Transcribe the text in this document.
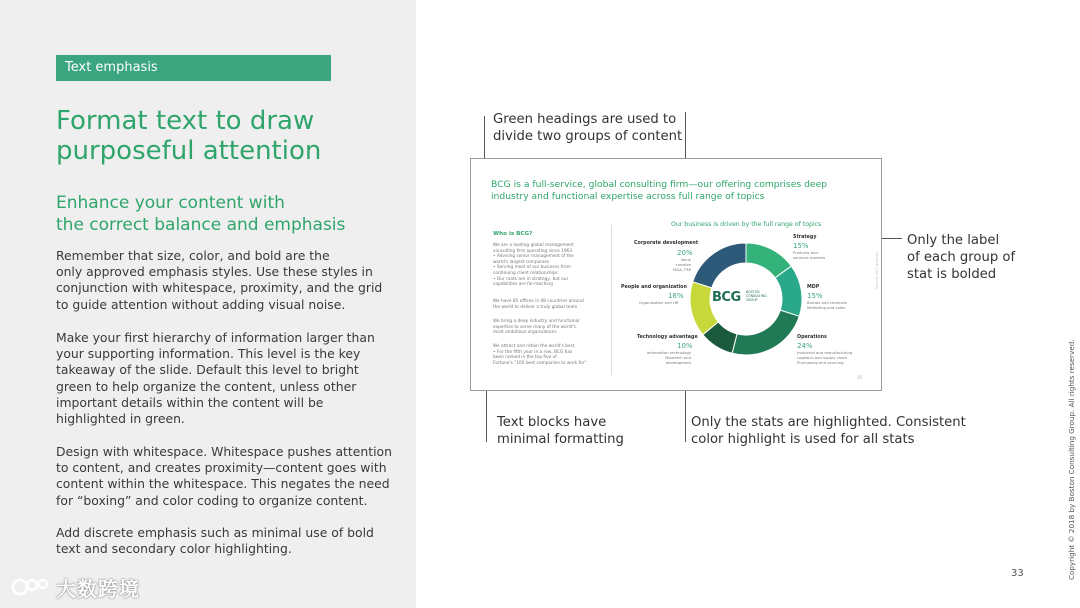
Text emphasis
Format text to draw
purposeful attention
Enhance your content with
the correct balance and emphasis
Remember that size, color, and bold are the
only approved emphasis styles. Use these styles in
conjunction with whitespace, proximity, and the grid
to guide attention without adding visual noise.
Make your first hierarchy of information larger than
your supporting information. This level is the key
takeaway of the slide. Default this level to bright
green to help organize the content, unless other
important details within the content will be
highlighted in green.
Design with whitespace. Whitespace pushes attention
to content, and creates proximity—content goes with
content within the whitespace. This negates the need
for “boxing” and color coding to organize content.
Add discrete emphasis such as minimal use of bold
text and secondary color highlighting.
大数跨境
Green headings are used to
divide two groups of content
Only the label
of each group of
stat is bolded
Text blocks have
minimal formatting
Only the stats are highlighted. Consistent
color highlight is used for all stats
BCG is a full-service, global consulting firm—our offering comprises deep
industry and functional expertise across full range of topics
Our business is driven by the full range of topics
Who is BCG?
We are a leading global management
consulting firm operating since 1963
• Advising senior management of the
world's largest companies
• Serving most of our business from
continuing client relationships
• Our roots are in strategy, but our
capabilities are far-reaching
We have 85 offices in 48 countries around
the world to deliver a truly global team
We bring a deep industry and functional
expertise to serve many of the world's
most ambitious organizations
We attract and retain the world's best
• For the fifth year in a row, BCG has
been ranked in the top five of
Fortune's "100 best companies to work for"
BCG BOSTON
CONSULTING
GROUP
Corporate development
20%
Value creation
M&A, PMI
People and organization
16%
Organization and HR
Technology advantage
10%
Information technology
Research and development
Strategy
15%
Products and
services markets
MDP
15%
Brands and channels
Marketing and sales
Operations
24%
Industrial and manufacturing
Logistics and supply chain
Purchasing and sourcing
Source: BCG analysis
35
33	Copyright © 2018 by Boston Consulting Group. All rights reserved.
